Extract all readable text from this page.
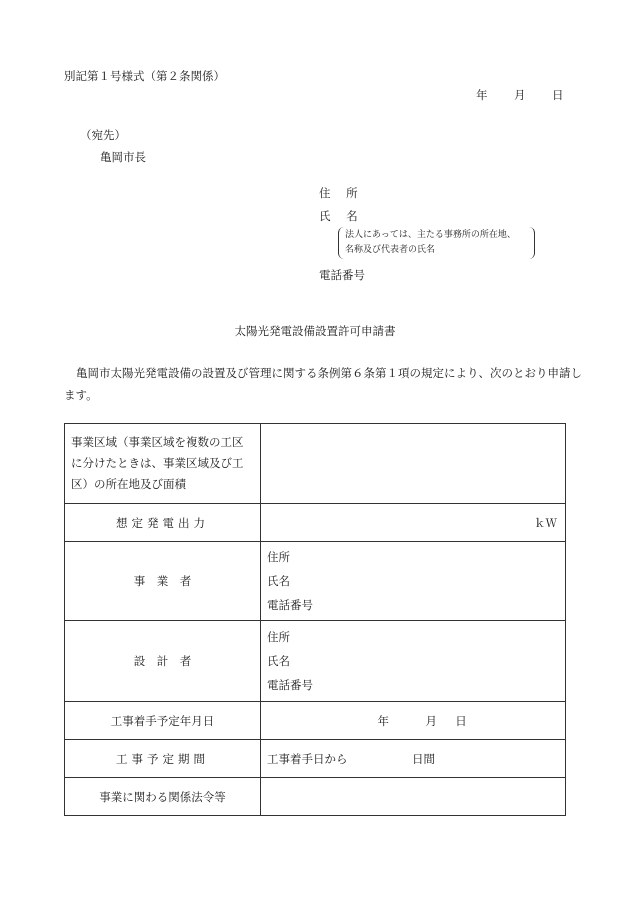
別記第１号様式（第２条関係）
年 月 日
（宛先）
亀岡市長
住 所
氏 名
法人にあっては、主たる事務所の所在地、
名称及び代表者の氏名
電話番号
太陽光発電設備設置許可申請書
亀岡市太陽光発電設備の設置及び管理に関する条例第６条第１項の規定により、次のとおり申請します。
事業区域（事業区域を複数の工区に分けたときは、事業区域及び工区）の所在地及び面積	
想定発電出力	ｋＷ
事　業　者	住所
氏名
電話番号

設　計　者	住所
氏名
電話番号

工事着手予定年月日	年 月 日
工事予定期間	工事着手日から 日間
事業に関わる関係法令等	
